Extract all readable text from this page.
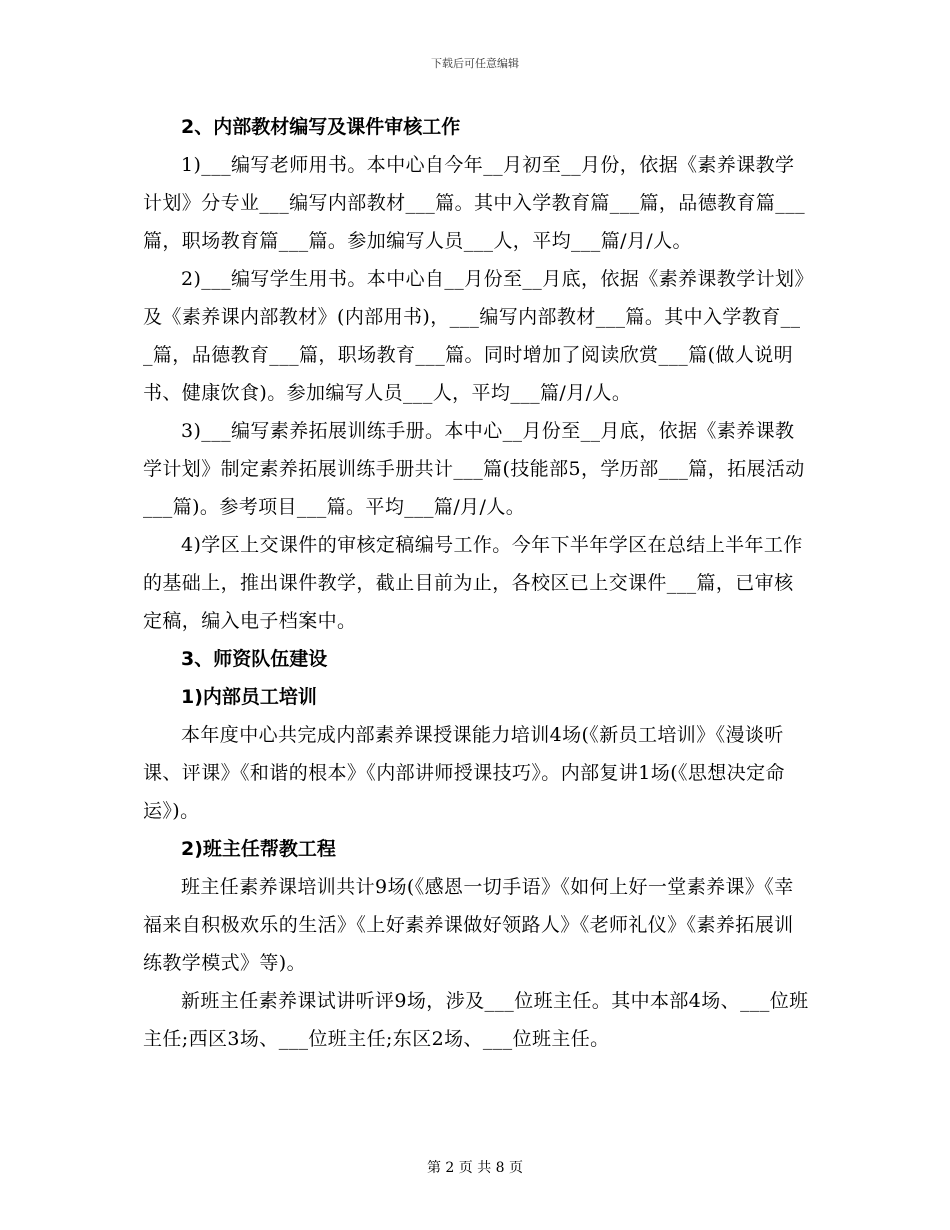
下载后可任意编辑

2、内部教材编写及课件审核工作

1)___编写老师用书。本中心自今年__月初至__月份，依据《素养课教学计划》分专业___编写内部教材___篇。其中入学教育篇___篇，品德教育篇___篇，职场教育篇___篇。参加编写人员___人，平均___篇/月/人。

2)___编写学生用书。本中心自__月份至__月底，依据《素养课教学计划》及《素养课内部教材》(内部用书)，___编写内部教材___篇。其中入学教育___篇，品德教育___篇，职场教育___篇。同时增加了阅读欣赏___篇(做人说明书、健康饮食)。参加编写人员___人，平均___篇/月/人。

3)___编写素养拓展训练手册。本中心__月份至__月底，依据《素养课教学计划》制定素养拓展训练手册共计___篇(技能部5，学历部___篇，拓展活动___篇)。参考项目___篇。平均___篇/月/人。

4)学区上交课件的审核定稿编号工作。今年下半年学区在总结上半年工作的基础上，推出课件教学，截止目前为止，各校区已上交课件___篇，已审核定稿，编入电子档案中。

3、师资队伍建设

1)内部员工培训

本年度中心共完成内部素养课授课能力培训4场(《新员工培训》《漫谈听课、评课》《和谐的根本》《内部讲师授课技巧》。内部复讲1场(《思想决定命运》)。

2)班主任帮教工程

班主任素养课培训共计9场(《感恩一切手语》《如何上好一堂素养课》《幸福来自积极欢乐的生活》《上好素养课做好领路人》《老师礼仪》《素养拓展训练教学模式》等)。

新班主任素养课试讲听评9场，涉及___位班主任。其中本部4场、___位班主任;西区3场、___位班主任;东区2场、___位班主任。

第 2 页 共 8 页
